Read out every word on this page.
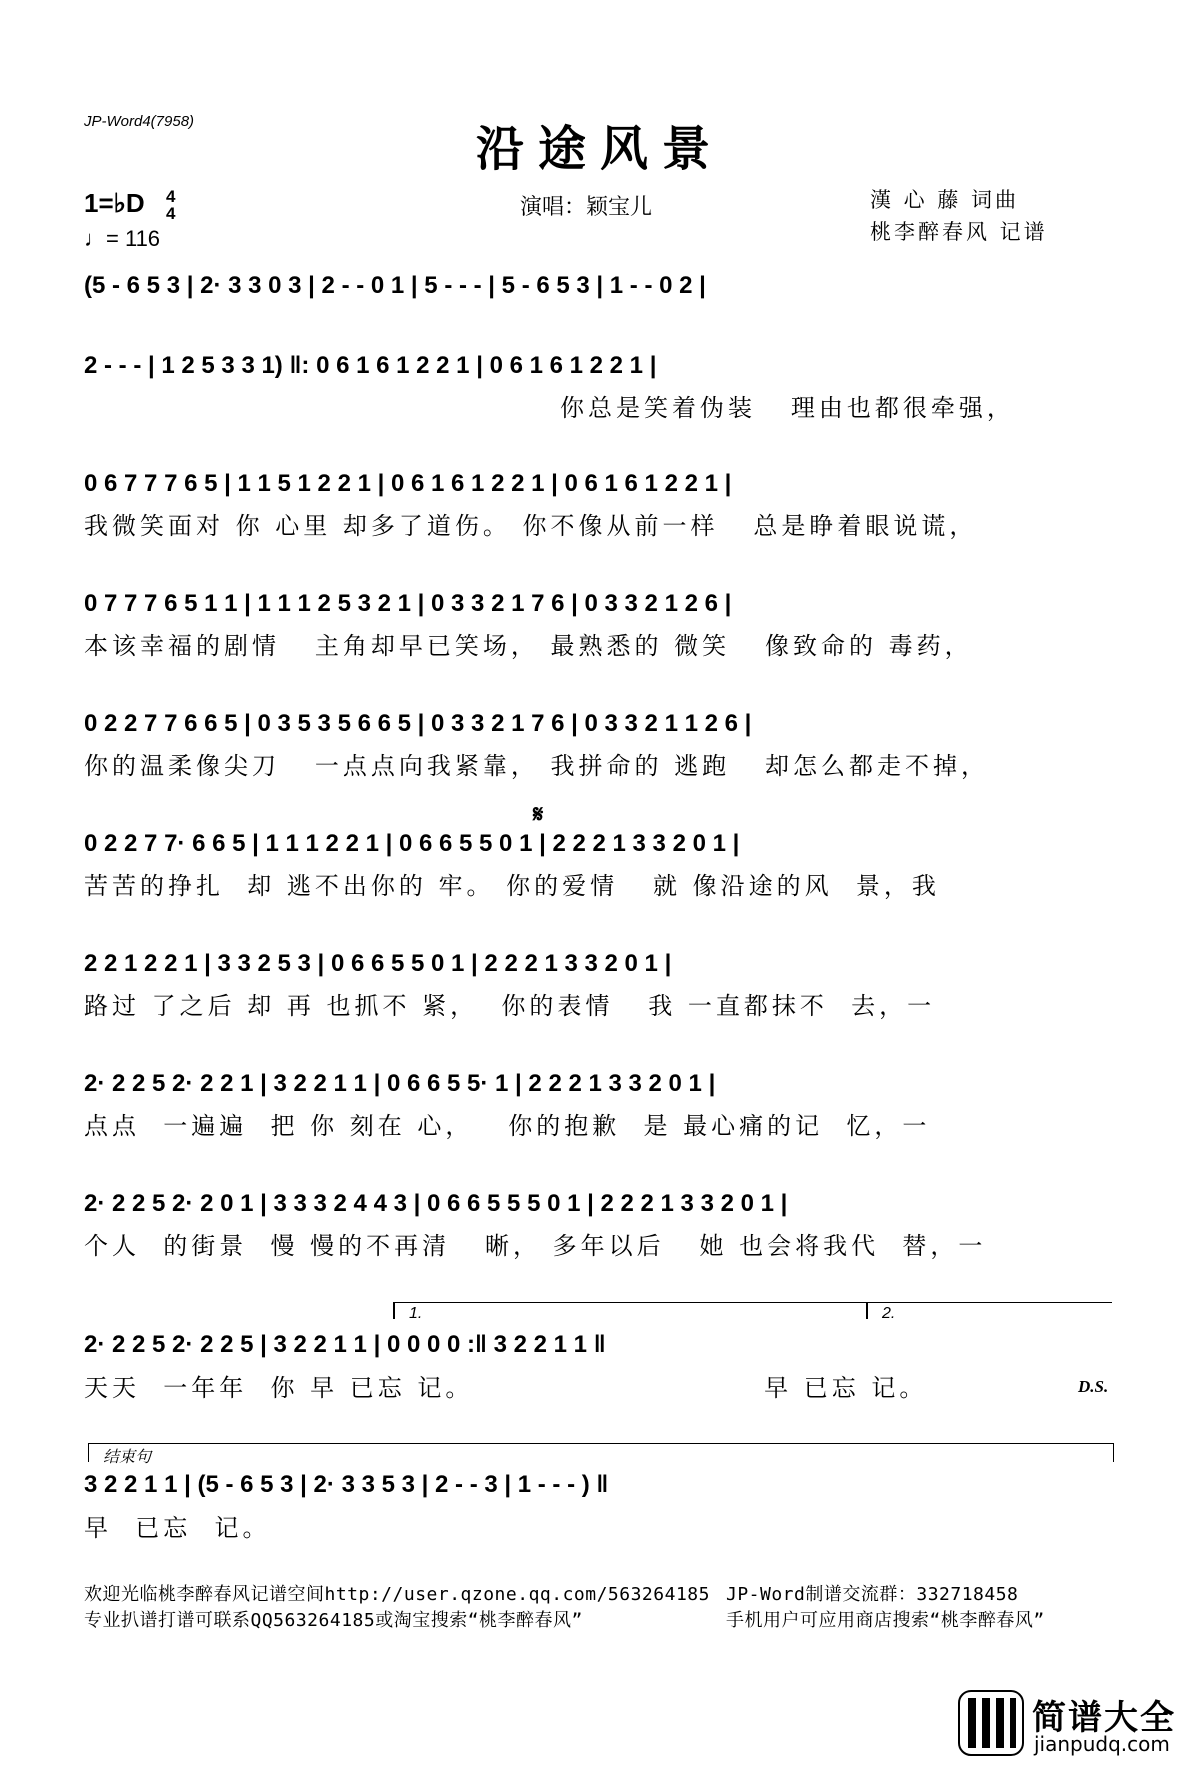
JP-Word4(7958)	沿途风景
1=♭D 4
4
♩= 116
演唱：颖宝儿	漢 心 藤 词曲
桃李醉春风 记谱
(5 - 6 5 3 | 2· 3 3 0 3 | 2 - - 0 1 | 5 - - - | 5 - 6 5 3 | 1 - - 0 2 |
2 - - - | 1 2 5 3 3 1) ‖: 0 6 1 6 1 2 2 1 | 0 6 1 6 1 2 2 1 |
你总是笑着伪装   理由也都很牵强，
0 6 7 7 7 6 5 | 1 1 5 1 2 2 1 | 0 6 1 6 1 2 2 1 | 0 6 1 6 1 2 2 1 |
我微笑面对 你 心里 却多了道伤。 你不像从前一样   总是睁着眼说谎，
0 7 7 7 6 5 1 1 | 1 1 1 2 5 3 2 1 | 0 3 3 2 1 7 6 | 0 3 3 2 1 2 6 |
本该幸福的剧情   主角却早已笑场， 最熟悉的 微笑   像致命的 毒药，
0 2 2 7 7 6 6 5 | 0 3 5 3 5 6 6 5 | 0 3 3 2 1 7 6 | 0 3 3 2 1 1 2 6 |
你的温柔像尖刀   一点点向我紧靠， 我拼命的 逃跑   却怎么都走不掉，
𝄋
0 2 2 7 7· 6 6 5 | 1 1 1 2 2 1 | 0 6 6 5 5 0 1 | 2 2 2 1 3 3 2 0 1 |
苦苦的挣扎  却 逃不出你的 牢。 你的爱情   就 像沿途的风  景，我
2 2 1 2 2 1 | 3 3 2 5 3 | 0 6 6 5 5 0 1 | 2 2 2 1 3 3 2 0 1 |
路过 了之后 却 再 也抓不 紧，  你的表情   我 一直都抹不  去，一
2· 2 2 5 2· 2 2 1 | 3 2 2 1 1 | 0 6 6 5 5· 1 | 2 2 2 1 3 3 2 0 1 |
点点  一遍遍  把 你 刻在 心，   你的抱歉  是 最心痛的记  忆，一
2· 2 2 5 2· 2 0 1 | 3 3 3 2 4 4 3 | 0 6 6 5 5 5 0 1 | 2 2 2 1 3 3 2 0 1 |
个人  的街景  慢 慢的不再清   晰， 多年以后   她 也会将我代  替，一
1.	2.
2· 2 2 5 2· 2 2 5 | 3 2 2 1 1 | 0 0 0 0 :‖ 3 2 2 1 1 ‖
天天  一年年  你 早 已忘 记。                         早 已忘 记。	D.S.
结束句
3 2 2 1 1 | (5 - 6 5 3 | 2· 3 3 5 3 | 2 - - 3 | 1 - - - ) ‖
早  已忘  记。
欢迎光临桃李醉春风记谱空间http://user.qzone.qq.com/563264185 JP-Word制谱交流群：332718458
专业扒谱打谱可联系QQ563264185或淘宝搜索“桃李醉春风”	手机用户可应用商店搜索“桃李醉春风”
简谱大全
jianpudq.com
